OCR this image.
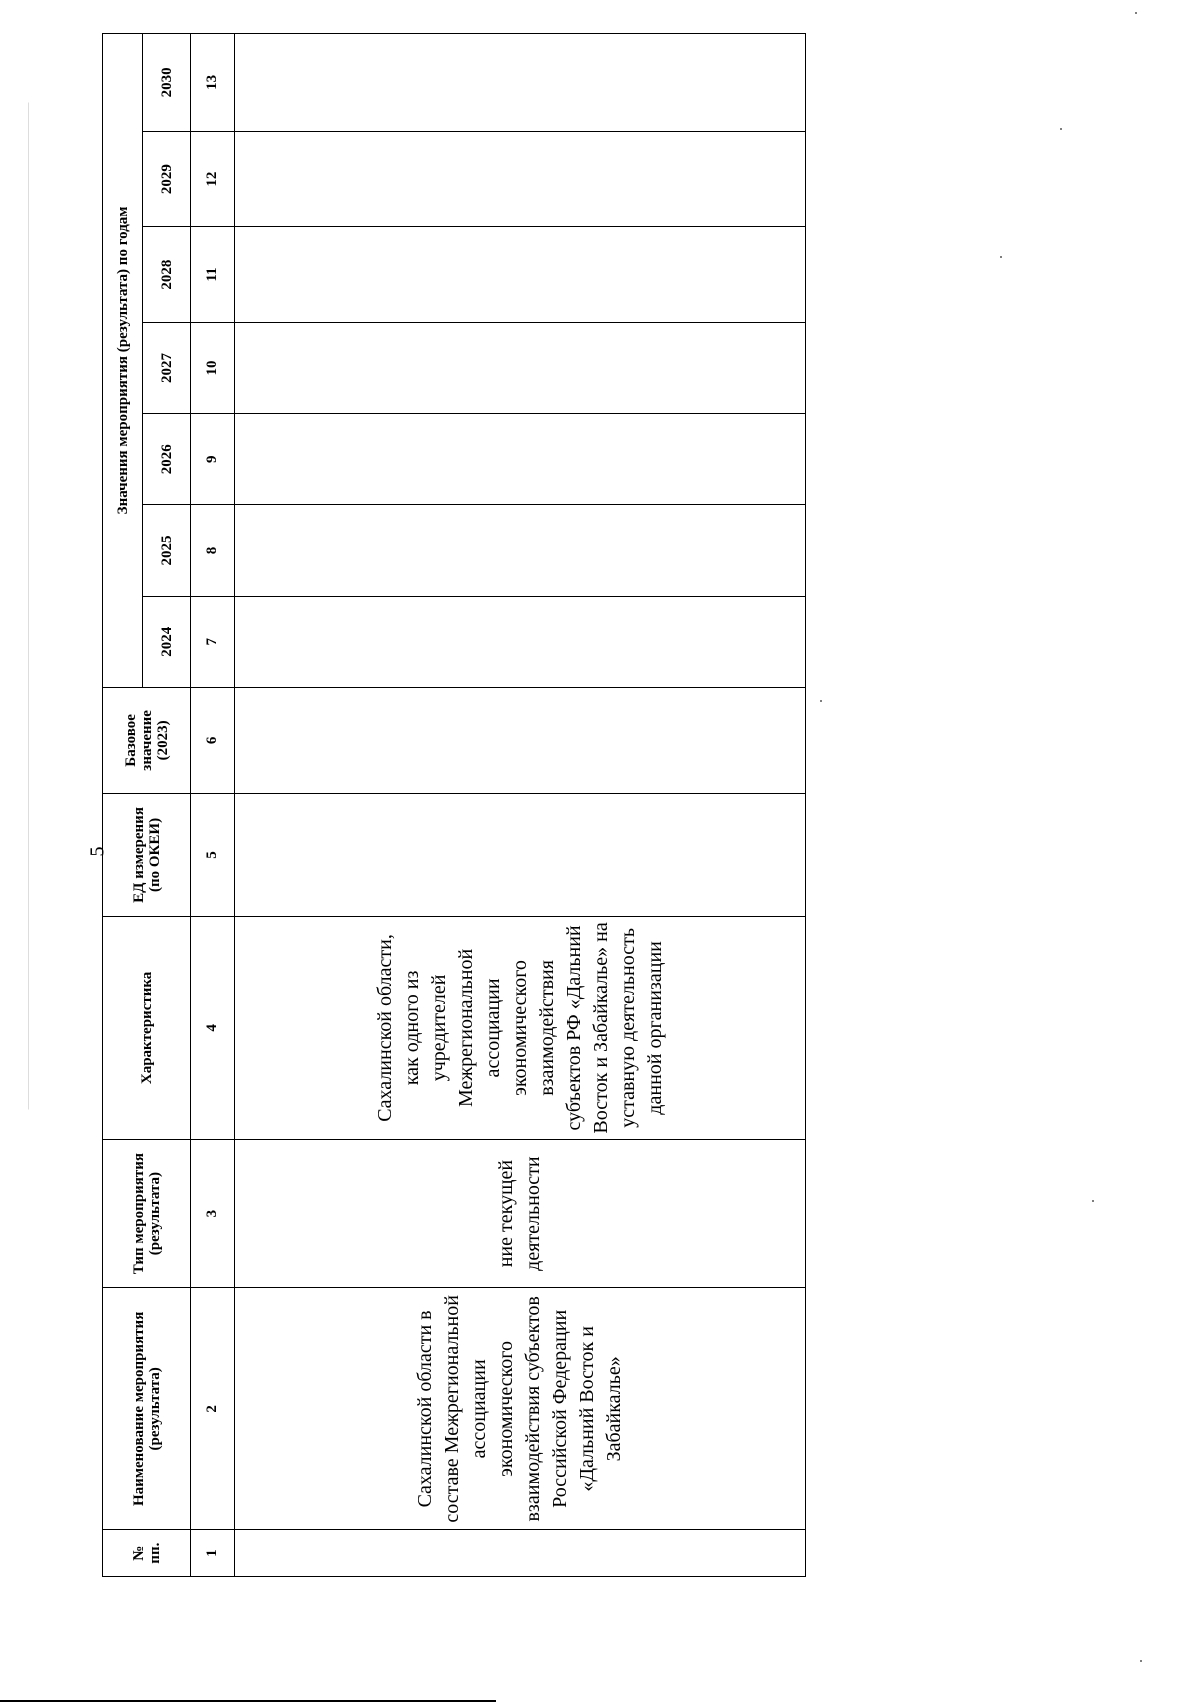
5
№ пп.	Наименование мероприятия (результата)	Тип мероприятия (результата)	Характеристика	ЕД измерения (по ОКЕИ)	Базовое значение (2023)	Значения мероприятия (результата) по годам						
						2024	2025	2026	2027	2028	2029	2030
1	2	3	4	5	6	7	8	9	10	11	12	13
	Сахалинской области в составе Межрегиональной ассоциации экономического взаимодействия субъектов Российской Федерации «Дальний Восток и Забайкалье»	ние текущей деятельности	Сахалинской области, как одного из учредителей Межрегиональной ассоциации экономического взаимодействия субъектов РФ «Дальний Восток и Забайкалье» на уставную деятельность данной организации									
